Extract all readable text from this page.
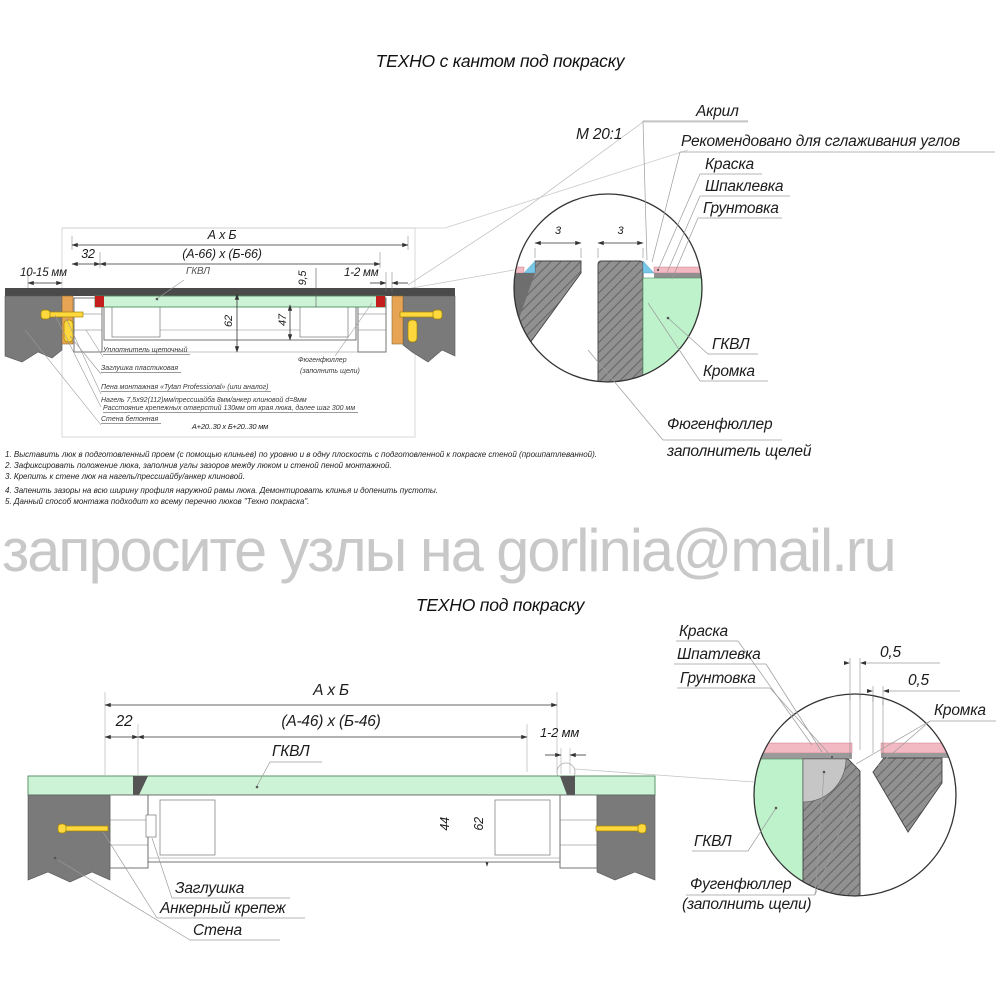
ТЕХНО с кантом под покраску
М 20:1
Акрил
Рекомендовано для сглаживания углов
Краска
Шпаклевка
Грунтовка
ГКВЛ
Кромка
Фюгенфюллер
заполнитель щелей
3	3
А х Б
(А-66) х (Б-66)
32
10-15 мм	ГКВЛ	9,5	1-2 мм
62	47
А+20..30 х Б+20..30 мм
Уплотнитель щеточный
Заглушка пластиковая
Пена монтажная «Tytan Professional» (или аналог)
Нагель 7,5х92(112)мм/прессшайба 8мм/анкер клиновой d=8мм
Расстояние крепежных отверстий 130мм от края люка, далее шаг 300 мм
Стена бетонная
Фюгенфюллер
(заполнить щели)
1. Выставить люк в подготовленный проем (с помощью клиньев) по уровню и в одну плоскость с подготовленной к покраске стеной (прошпатлеванной).
2. Зафиксировать положение люка, заполнив углы зазоров между люком и стеной пеной монтажной.
3. Крепить к стене люк на нагель/прессшайбу/анкер клиновой.
4. Запенить зазоры на всю ширину профиля наружной рамы люка. Демонтировать клинья и допенить пустоты.
5. Данный способ монтажа подходит ко всему перечню люков "Техно покраска".
запросите узлы на gorlinia@mail.ru
ТЕХНО под покраску
А х Б
(А-46) х (Б-46)
22
ГКВЛ
1-2 мм
44 62
Заглушка
Анкерный крепеж
Стена
Краска
Шпатлевка
Грунтовка
0,5
0,5
Кромка
ГКВЛ
Фугенфюллер
(заполнить щели)
